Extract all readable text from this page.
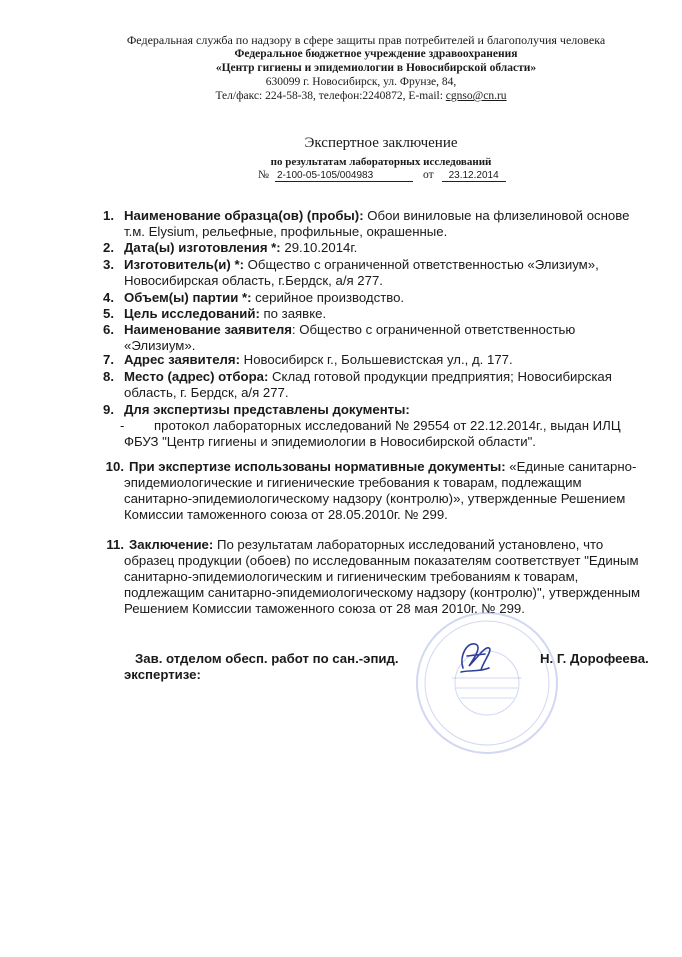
Федеральная служба по надзору в сфере защиты прав потребителей и благополучия человека
Федеральное бюджетное учреждение здравоохранения
«Центр гигиены и эпидемиологии в Новосибирской области»
630099 г. Новосибирск, ул. Фрунзе, 84,
Тел/факс: 224-58-38, телефон:2240872, E-mail: cgnso@cn.ru
Экспертное заключение
по результатам лабораторных исследований
№ 2-100-05-105/004983	от 23.12.2014
1. Наименование образца(ов) (пробы): Обои виниловые на флизелиновой основе
т.м. Elysium, рельефные, профильные, окрашенные.
2. Дата(ы) изготовления *: 29.10.2014г.
3. Изготовитель(и) *: Общество с ограниченной ответственностью «Элизиум»,
Новосибирская область, г.Бердск, а/я 277.
4. Объем(ы) партии *: серийное производство.
5. Цель исследований: по заявке.
6. Наименование заявителя: Общество с ограниченной ответственностью
«Элизиум».
7. Адрес заявителя: Новосибирск г., Большевистская ул., д. 177.
8. Место (адрес) отбора: Склад готовой продукции предприятия; Новосибирская
область, г. Бердск, а/я 277.
9. Для экспертизы представлены документы:
- протокол лабораторных исследований № 29554 от 22.12.2014г., выдан ИЛЦ
ФБУЗ "Центр гигиены и эпидемиологии в Новосибирской области".
10. При экспертизе использованы нормативные документы: «Единые санитарно-
эпидемиологические и гигиенические требования к товарам, подлежащим
санитарно-эпидемиологическому надзору (контролю)», утвержденные Решением
Комиссии таможенного союза от 28.05.2010г. № 299.
11. Заключение: По результатам лабораторных исследований установлено, что
образец продукции (обоев) по исследованным показателям соответствует "Единым
санитарно-эпидемиологическим и гигиеническим требованиям к товарам,
подлежащим санитарно-эпидемиологическому надзору (контролю)", утвержденным
Решением Комиссии таможенного союза от 28 мая 2010г. № 299.
Зав. отделом обесп. работ по сан.-эпид.
экспертизе:
Н. Г. Дорофеева.
